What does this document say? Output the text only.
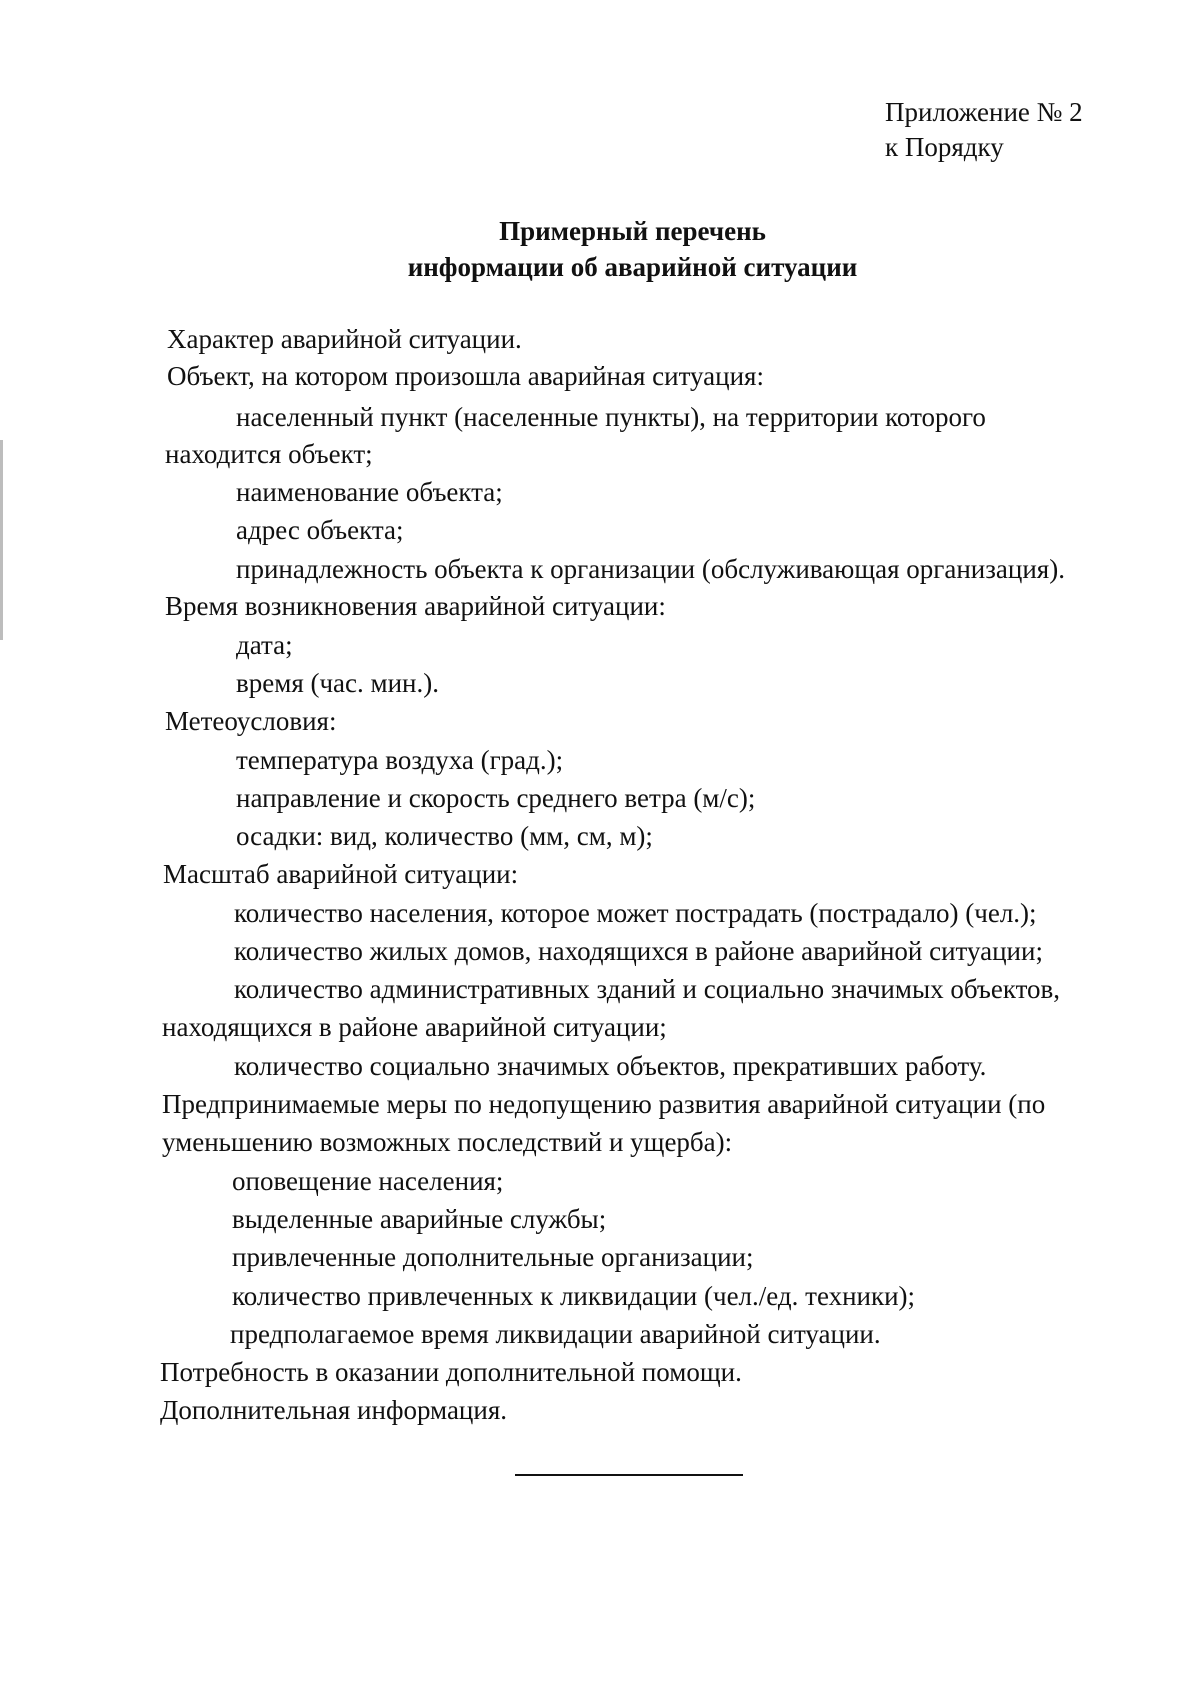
Приложение № 2
к Порядку
Примерный перечень
информации об аварийной ситуации
Характер аварийной ситуации.
Объект, на котором произошла аварийная ситуация:
населенный пункт (населенные пункты), на территории которого
находится объект;
наименование объекта;
адрес объекта;
принадлежность объекта к организации (обслуживающая организация).
Время возникновения аварийной ситуации:
дата;
время (час. мин.).
Метеоусловия:
температура воздуха (град.);
направление и скорость среднего ветра (м/с);
осадки: вид, количество (мм, см, м);
Масштаб аварийной ситуации:
количество населения, которое может пострадать (пострадало) (чел.);
количество жилых домов, находящихся в районе аварийной ситуации;
количество административных зданий и социально значимых объектов,
находящихся в районе аварийной ситуации;
количество социально значимых объектов, прекративших работу.
Предпринимаемые меры по недопущению развития аварийной ситуации (по
уменьшению возможных последствий и ущерба):
оповещение населения;
выделенные аварийные службы;
привлеченные дополнительные организации;
количество привлеченных к ликвидации (чел./ед. техники);
предполагаемое время ликвидации аварийной ситуации.
Потребность в оказании дополнительной помощи.
Дополнительная информация.
